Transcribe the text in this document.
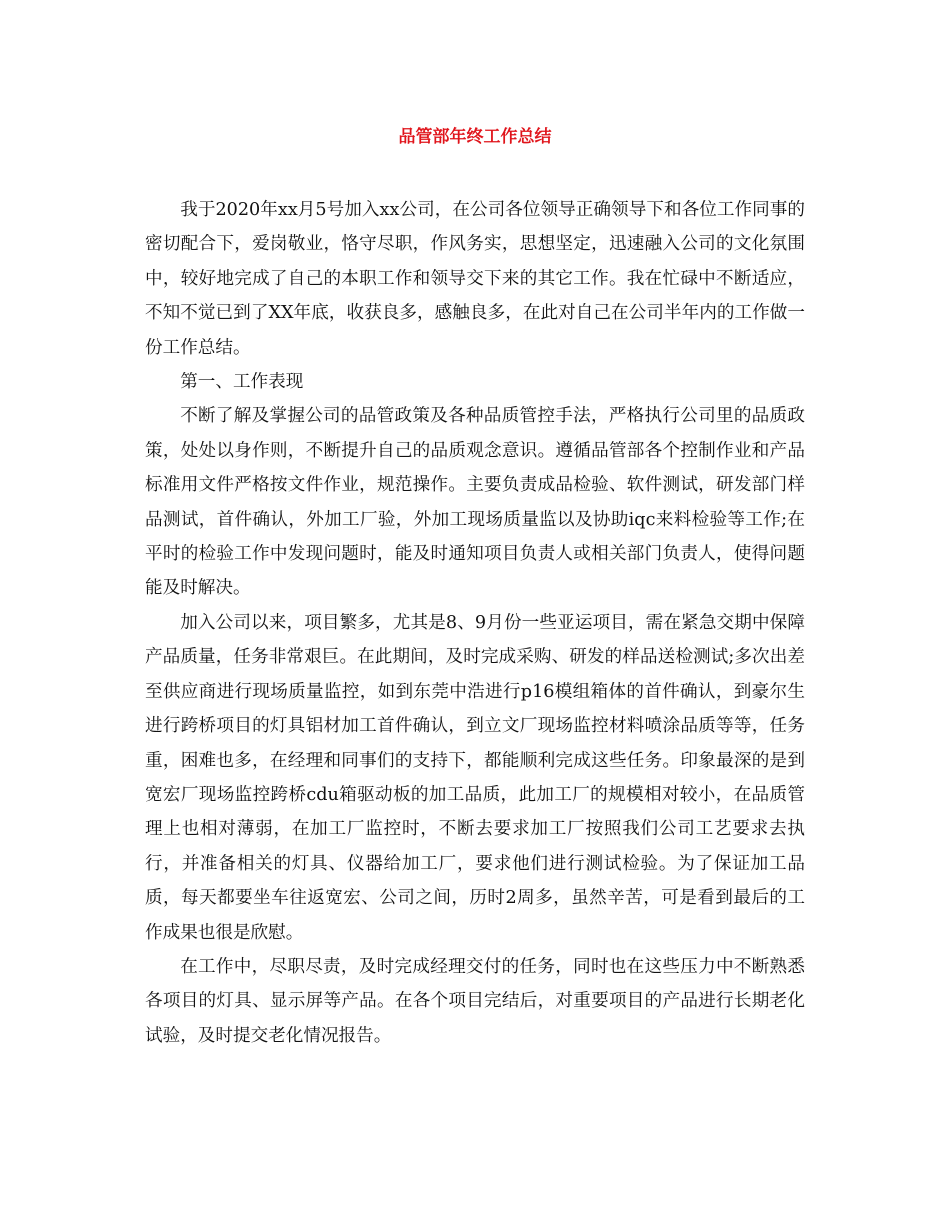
品管部年终工作总结

我于2020年xx月5号加入xx公司，在公司各位领导正确领导下和各位工作同事的密切配合下，爱岗敬业，恪守尽职，作风务实，思想坚定，迅速融入公司的文化氛围中，较好地完成了自己的本职工作和领导交下来的其它工作。我在忙碌中不断适应，不知不觉已到了XX年底，收获良多，感触良多，在此对自己在公司半年内的工作做一份工作总结。

第一、工作表现

不断了解及掌握公司的品管政策及各种品质管控手法，严格执行公司里的品质政策，处处以身作则，不断提升自己的品质观念意识。遵循品管部各个控制作业和产品标准用文件严格按文件作业，规范操作。主要负责成品检验、软件测试，研发部门样品测试，首件确认，外加工厂验，外加工现场质量监以及协助iqc来料检验等工作;在平时的检验工作中发现问题时，能及时通知项目负责人或相关部门负责人，使得问题能及时解决。

加入公司以来，项目繁多，尤其是8、9月份一些亚运项目，需在紧急交期中保障产品质量，任务非常艰巨。在此期间，及时完成采购、研发的样品送检测试;多次出差至供应商进行现场质量监控，如到东莞中浩进行p16模组箱体的首件确认，到豪尔生进行跨桥项目的灯具铝材加工首件确认，到立文厂现场监控材料喷涂品质等等，任务重，困难也多，在经理和同事们的支持下，都能顺利完成这些任务。印象最深的是到宽宏厂现场监控跨桥cdu箱驱动板的加工品质，此加工厂的规模相对较小，在品质管理上也相对薄弱，在加工厂监控时，不断去要求加工厂按照我们公司工艺要求去执行，并准备相关的灯具、仪器给加工厂，要求他们进行测试检验。为了保证加工品质，每天都要坐车往返宽宏、公司之间，历时2周多，虽然辛苦，可是看到最后的工作成果也很是欣慰。

在工作中，尽职尽责，及时完成经理交付的任务，同时也在这些压力中不断熟悉各项目的灯具、显示屏等产品。在各个项目完结后，对重要项目的产品进行长期老化试验，及时提交老化情况报告。
